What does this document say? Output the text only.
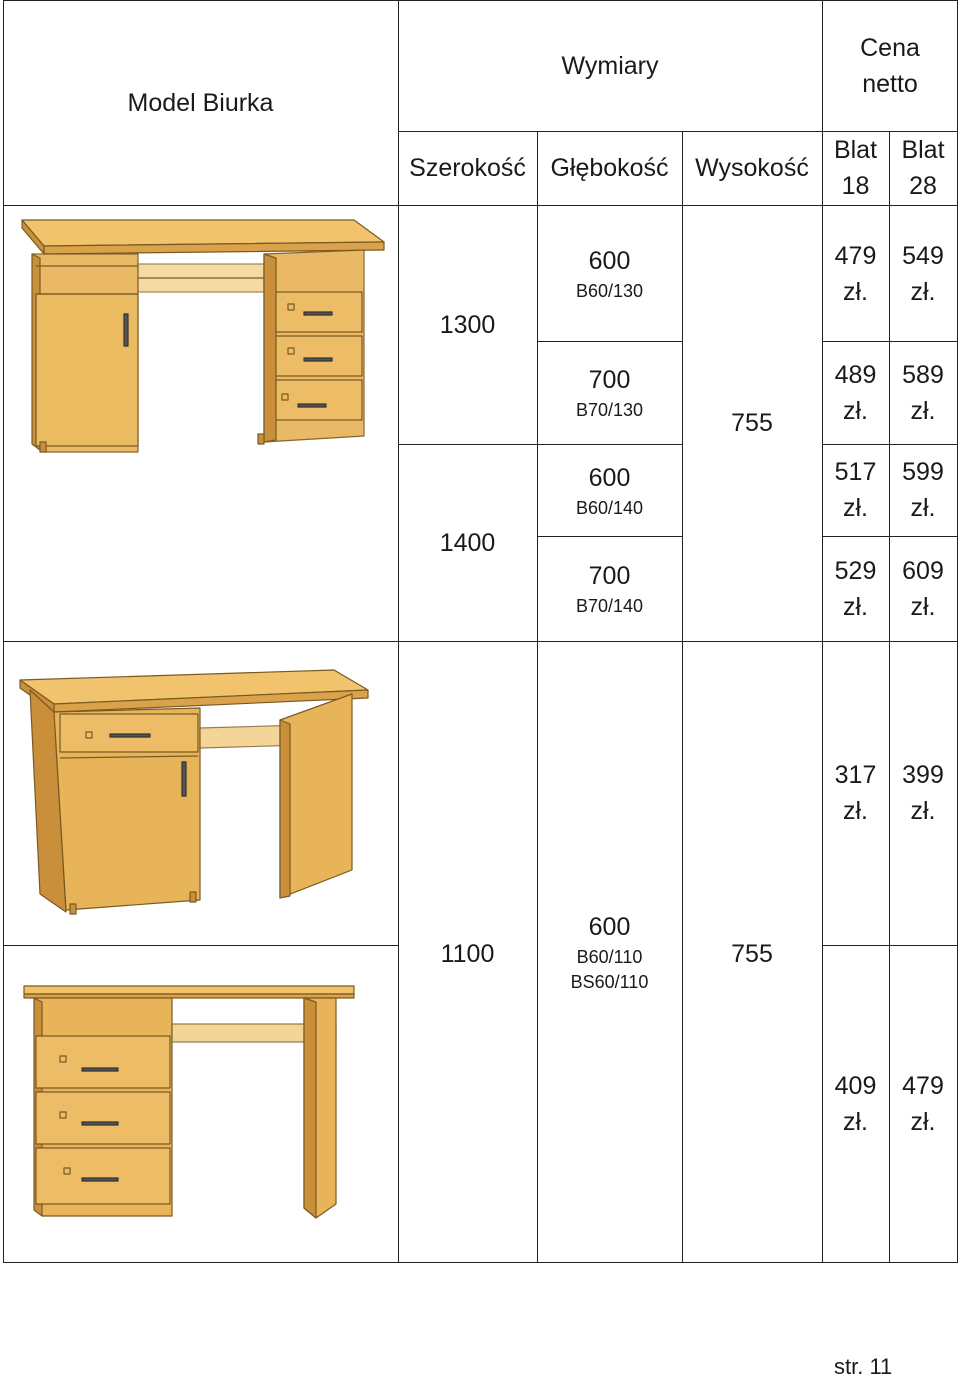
Model Biurka
Wymiary
Cena
netto
Szerokość Głębokość Wysokość
Blat
18
Blat
28
1300
1400
600
B60/130
700
B70/130
600
B60/140
700
B70/140
755
479
zł.
549
zł.
489
zł.
589
zł.
517
zł.
599
zł.
529
zł.
609
zł.
1100
600
B60/110
BS60/110
755
317
zł.
399
zł.
409
zł.
479
zł.
str. 11
